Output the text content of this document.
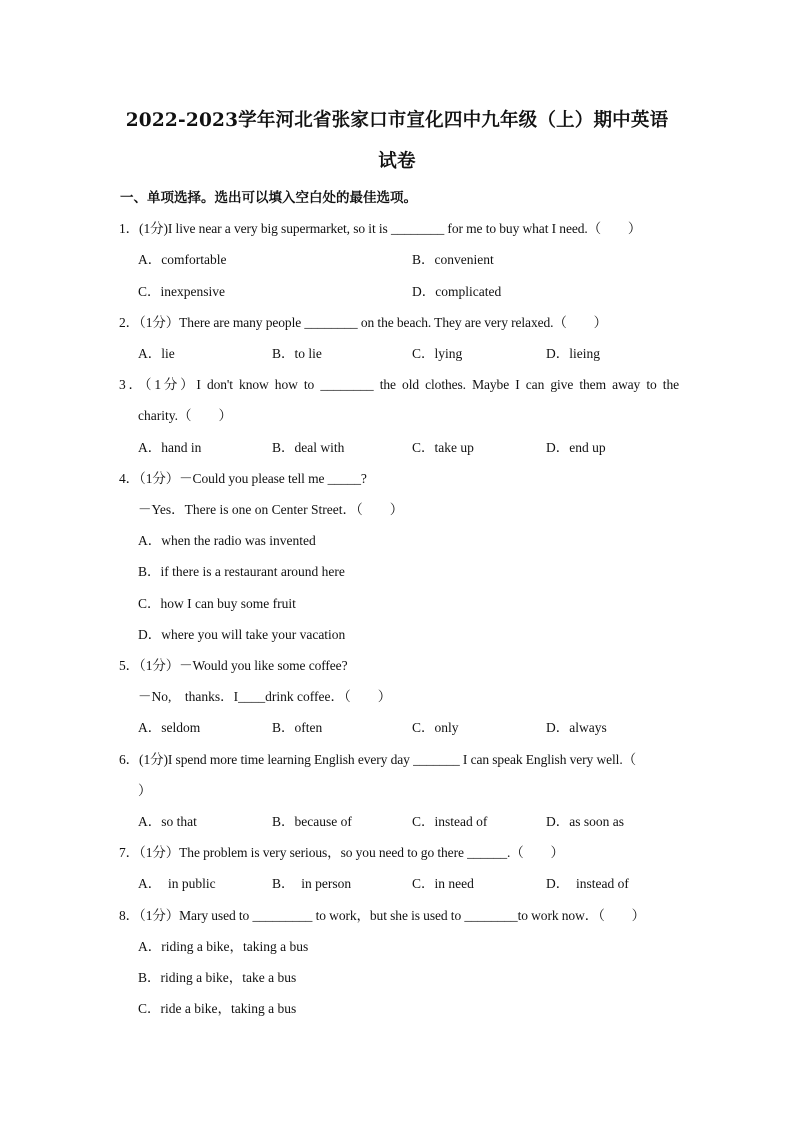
2022-2023学年河北省张家口市宣化四中九年级（上）期中英语
试卷
一、单项选择。选出可以填入空白处的最佳选项。
1．(1分)I live near a very big supermarket, so it is ________ for me to buy what I need.（　　）
A．comfortable	B．convenient
C．inexpensive	D．complicated
2．（1分）There are many people ________ on the beach. They are very relaxed.（　　）
A．lie	B．to lie	C．lying	D．lieing
3．（1分）I don't know how to ________ the old clothes. Maybe I can give them away to the
charity.（　　）
A．hand in	B．deal with	C．take up	D．end up
4．（1分）－Could you please tell me _____?
－Yes．There is one on Center Street．（　　）
A．when the radio was invented
B．if there is a restaurant around here
C．how I can buy some fruit
D．where you will take your vacation
5．（1分）－Would you like some coffee?
－No,　thanks．I____drink coffee．（　　）
A．seldom	B．often	C．only	D．always
6．(1分)I spend more time learning English every day _______ I can speak English very well.（
）
A．so that	B．because of	C．instead of	D．as soon as
7．（1分）The problem is very serious，so you need to go there ______.（　　）
A．　in public	B．　in person	C．in need	D．　instead of
8．（1分）Mary used to _________ to work，but she is used to ________to work now．（　　）
A．riding a bike，taking a bus
B．riding a bike，take a bus
C．ride a bike，taking a bus
